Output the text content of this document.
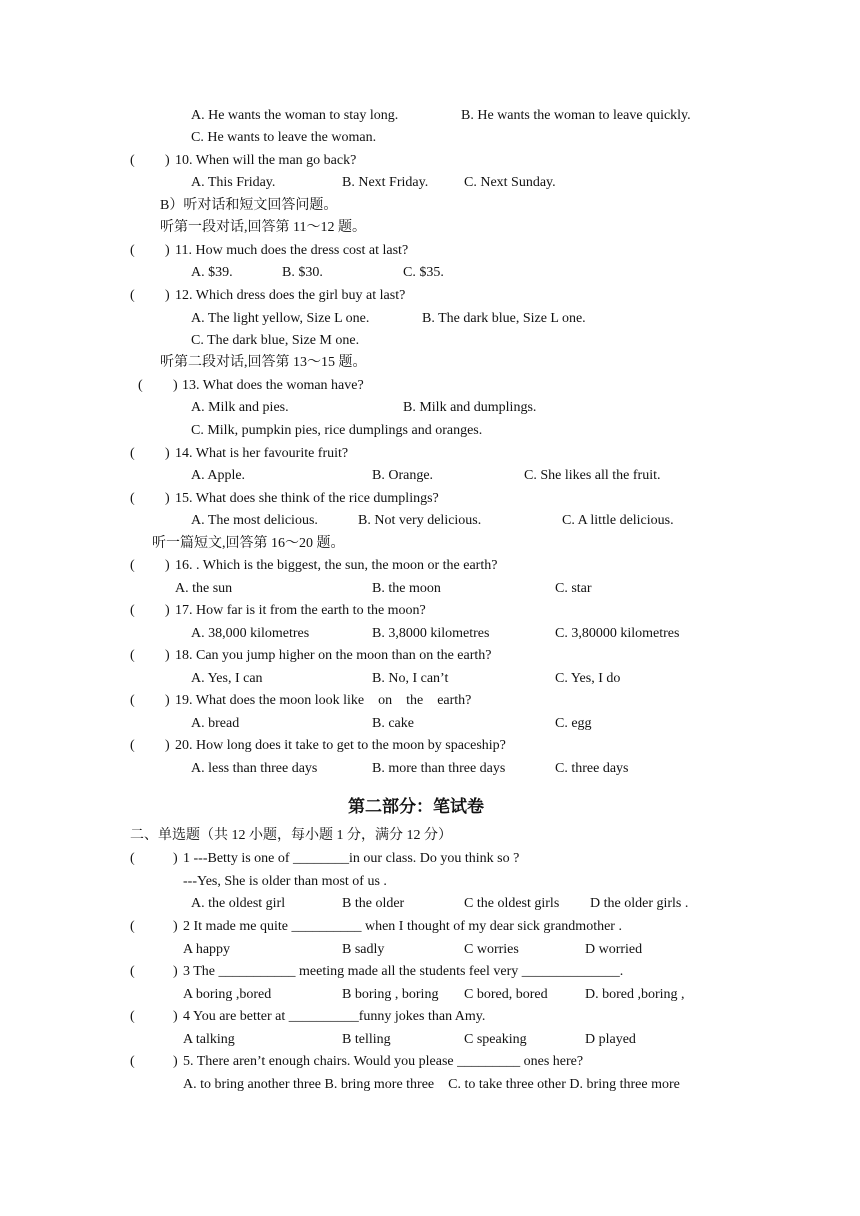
A. He wants the woman to stay long.	B. He wants the woman to leave quickly.
C. He wants to leave the woman.
( ) 10. When will the man go back?
A. This Friday.	B. Next Friday.	C. Next Sunday.
B）听对话和短文回答问题。
听第一段对话,回答第 11～12 题。
( ) 11. How much does the dress cost at last?
A. $39.	B. $30.	C. $35.
( ) 12. Which dress does the girl buy at last?
A. The light yellow, Size L one.	B. The dark blue, Size L one.
C. The dark blue, Size M one.
听第二段对话,回答第 13～15 题。
( ) 13. What does the woman have?
A. Milk and pies.	B. Milk and dumplings.
C. Milk, pumpkin pies, rice dumplings and oranges.
( ) 14. What is her favourite fruit?
A. Apple.	B. Orange.	C. She likes all the fruit.
( ) 15. What does she think of the rice dumplings?
A. The most delicious.	B. Not very delicious.	C. A little delicious.
听一篇短文,回答第 16～20 题。
( ) 16. . Which is the biggest, the sun, the moon or the earth?
A. the sun	B. the moon	C. star
( ) 17. How far is it from the earth to the moon?
A. 38,000 kilometres	B. 3,8000 kilometres	C. 3,80000 kilometres
( ) 18. Can you jump higher on the moon than on the earth?
A. Yes, I can	B. No, I can’t	C. Yes, I do
( ) 19. What does the moon look like    on    the    earth?
A. bread	B. cake	C. egg
( ) 20. How long does it take to get to the moon by spaceship?
A. less than three days	B. more than three days	C. three days
第二部分：笔试卷
二、单选题（共 12 小题，每小题 1 分，满分 12 分）
(	) 1 ---Betty is one of ________in our class. Do you think so ?
---Yes, She is older than most of us .
A. the oldest girl	B the older	C the oldest girls D the older girls .
(	) 2 It made me quite __________ when I thought of my dear sick grandmother .
A happy	B sadly	C worries	D worried
(	) 3 The ___________ meeting made all the students feel very ______________.
A boring ,bored	B boring , boring C bored, bored	D. bored ,boring ,
(	) 4 You are better at __________funny jokes than Amy.
A talking	B telling	C speaking	D played
(	) 5. There aren’t enough chairs. Would you please _________ ones here?
A. to bring another three B. bring more three    C. to take three other D. bring three more
